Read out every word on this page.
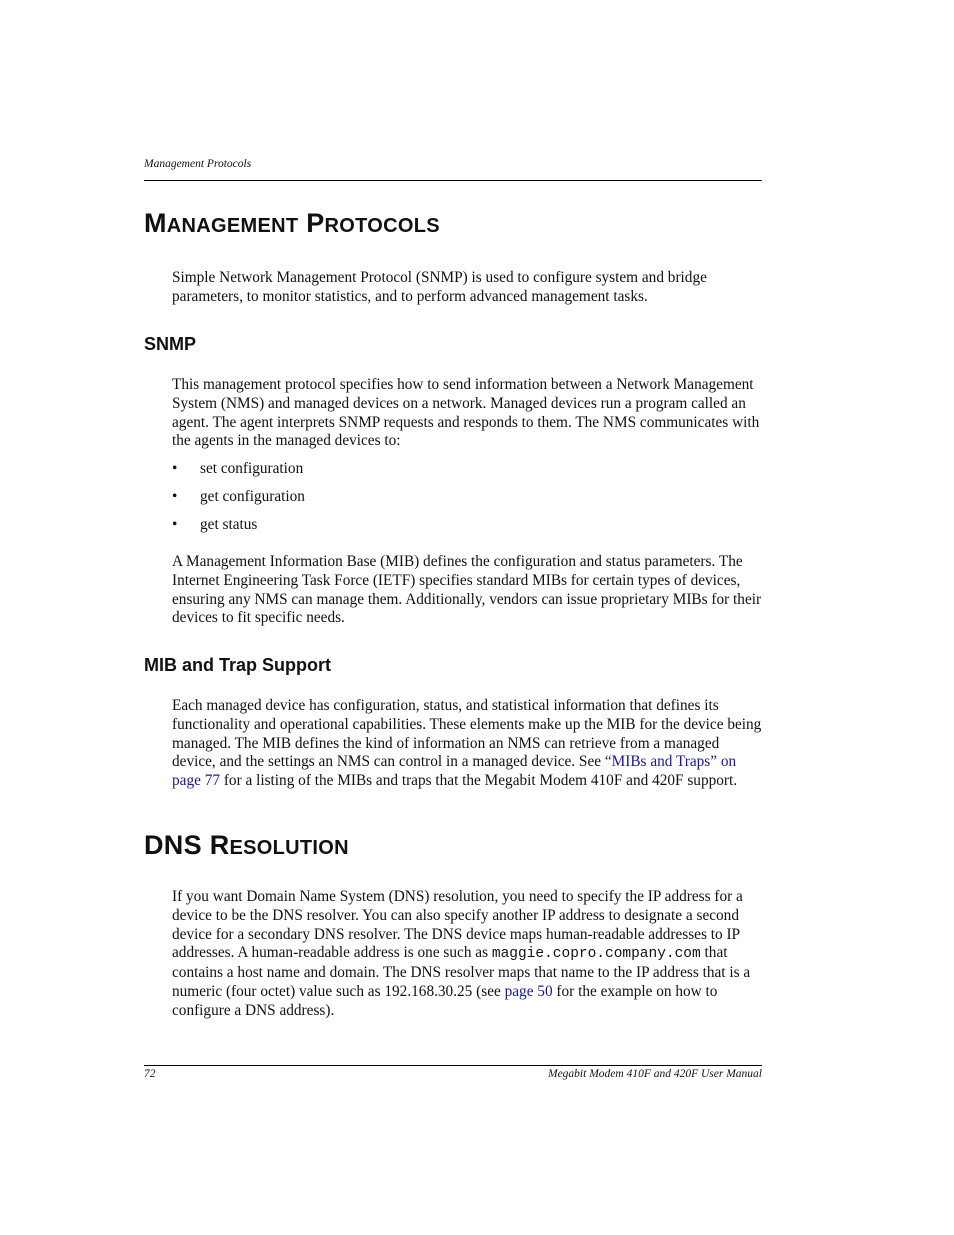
Management Protocols
MANAGEMENT PROTOCOLS

Simple Network Management Protocol (SNMP) is used to configure system and bridge parameters, to monitor statistics, and to perform advanced management tasks.

SNMP

This management protocol specifies how to send information between a Network Management System (NMS) and managed devices on a network. Managed devices run a program called an agent. The agent interprets SNMP requests and responds to them. The NMS communicates with the agents in the managed devices to:

• set configuration
• get configuration
• get status

A Management Information Base (MIB) defines the configuration and status parameters. The Internet Engineering Task Force (IETF) specifies standard MIBs for certain types of devices, ensuring any NMS can manage them. Additionally, vendors can issue proprietary MIBs for their devices to fit specific needs.

MIB and Trap Support

Each managed device has configuration, status, and statistical information that defines its functionality and operational capabilities. These elements make up the MIB for the device being managed. The MIB defines the kind of information an NMS can retrieve from a managed device, and the settings an NMS can control in a managed device. See “MIBs and Traps” on page 77 for a listing of the MIBs and traps that the Megabit Modem 410F and 420F support.

DNS RESOLUTION

If you want Domain Name System (DNS) resolution, you need to specify the IP address for a device to be the DNS resolver. You can also specify another IP address to designate a second device for a secondary DNS resolver. The DNS device maps human-readable addresses to IP addresses. A human-readable address is one such as maggie.copro.company.com that contains a host name and domain. The DNS resolver maps that name to the IP address that is a numeric (four octet) value such as 192.168.30.25 (see page 50 for the example on how to configure a DNS address).

72	Megabit Modem 410F and 420F User Manual
